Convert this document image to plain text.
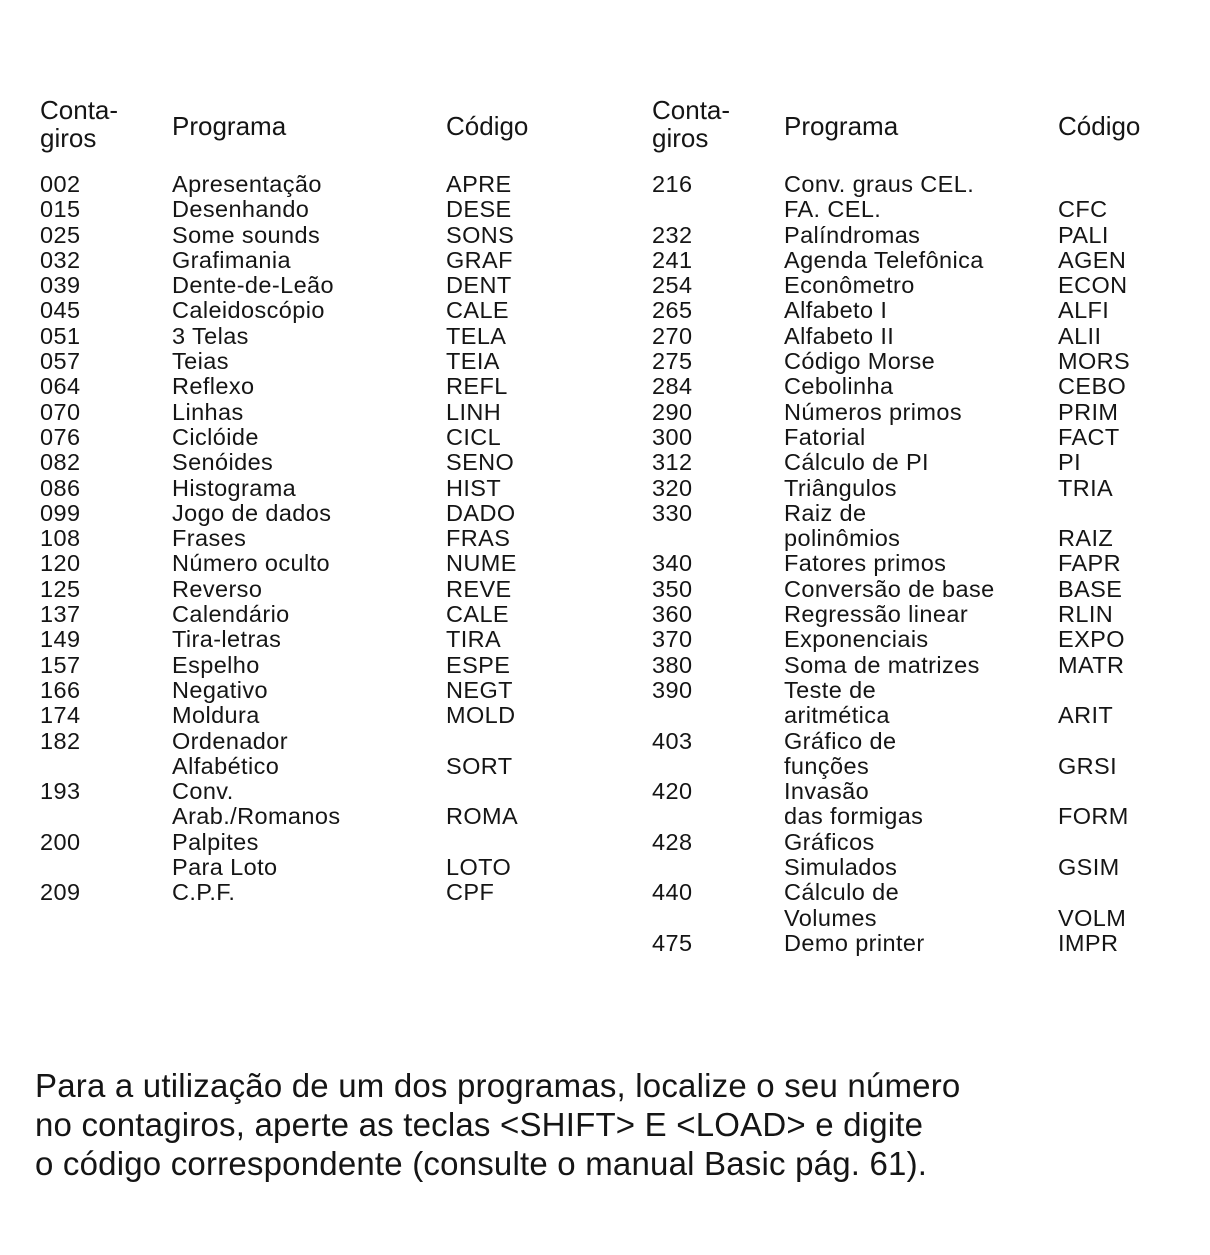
Conta-
giros	Programa	Código
002	Apresentação	APRE
015	Desenhando	DESE
025	Some sounds	SONS
032	Grafimania	GRAF
039	Dente-de-Leão	DENT
045	Caleidoscópio	CALE
051	3 Telas	TELA
057	Teias	TEIA
064	Reflexo	REFL
070	Linhas	LINH
076	Ciclóide	CICL
082	Senóides	SENO
086	Histograma	HIST
099	Jogo de dados	DADO
108	Frases	FRAS
120	Número oculto	NUME
125	Reverso	REVE
137	Calendário	CALE
149	Tira-letras	TIRA
157	Espelho	ESPE
166	Negativo	NEGT
174	Moldura	MOLD
182	Ordenador
Alfabético	SORT
193	Conv.
Arab./Romanos	ROMA
200	Palpites
Para Loto	LOTO
209	C.P.F.	CPF
Conta-
giros	Programa	Código
216	Conv. graus CEL.
FA. CEL.	CFC
232	Palíndromas	PALI
241	Agenda Telefônica	AGEN
254	Econômetro	ECON
265	Alfabeto I	ALFI
270	Alfabeto II	ALII
275	Código Morse	MORS
284	Cebolinha	CEBO
290	Números primos	PRIM
300	Fatorial	FACT
312	Cálculo de PI	PI
320	Triângulos	TRIA
330	Raiz de
polinômios	RAIZ
340	Fatores primos	FAPR
350	Conversão de base	BASE
360	Regressão linear	RLIN
370	Exponenciais	EXPO
380	Soma de matrizes	MATR
390	Teste de
aritmética	ARIT
403	Gráfico de
funções	GRSI
420	Invasão
das formigas	FORM
428	Gráficos
Simulados	GSIM
440	Cálculo de
Volumes	VOLM
475	Demo printer	IMPR
Para a utilização de um dos programas, localize o seu número
no contagiros, aperte as teclas <SHIFT> E <LOAD> e digite
o código correspondente (consulte o manual Basic pág. 61).
